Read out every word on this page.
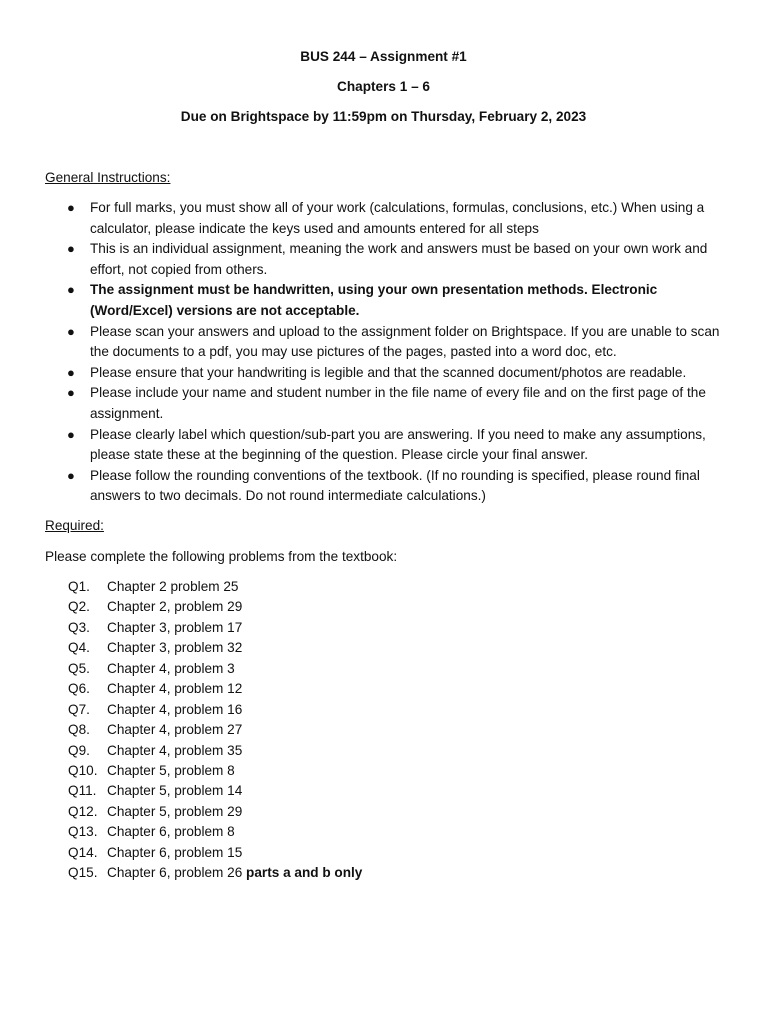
BUS 244 – Assignment #1

Chapters 1 – 6

Due on Brightspace by 11:59pm on Thursday, February 2, 2023

General Instructions:

● For full marks, you must show all of your work (calculations, formulas, conclusions, etc.) When using a calculator, please indicate the keys used and amounts entered for all steps
● This is an individual assignment, meaning the work and answers must be based on your own work and effort, not copied from others.
● The assignment must be handwritten, using your own presentation methods. Electronic (Word/Excel) versions are not acceptable.
● Please scan your answers and upload to the assignment folder on Brightspace. If you are unable to scan the documents to a pdf, you may use pictures of the pages, pasted into a word doc, etc.
● Please ensure that your handwriting is legible and that the scanned document/photos are readable.
● Please include your name and student number in the file name of every file and on the first page of the assignment.
● Please clearly label which question/sub-part you are answering. If you need to make any assumptions, please state these at the beginning of the question. Please circle your final answer.
● Please follow the rounding conventions of the textbook. (If no rounding is specified, please round final answers to two decimals. Do not round intermediate calculations.)

Required:

Please complete the following problems from the textbook:

Q1.	Chapter 2 problem 25
Q2.	Chapter 2, problem 29
Q3.	Chapter 3, problem 17
Q4.	Chapter 3, problem 32
Q5.	Chapter 4, problem 3
Q6.	Chapter 4, problem 12
Q7.	Chapter 4, problem 16
Q8.	Chapter 4, problem 27
Q9.	Chapter 4, problem 35
Q10. Chapter 5, problem 8
Q11. Chapter 5, problem 14
Q12. Chapter 5, problem 29
Q13. Chapter 6, problem 8
Q14. Chapter 6, problem 15
Q15. Chapter 6, problem 26 parts a and b only
